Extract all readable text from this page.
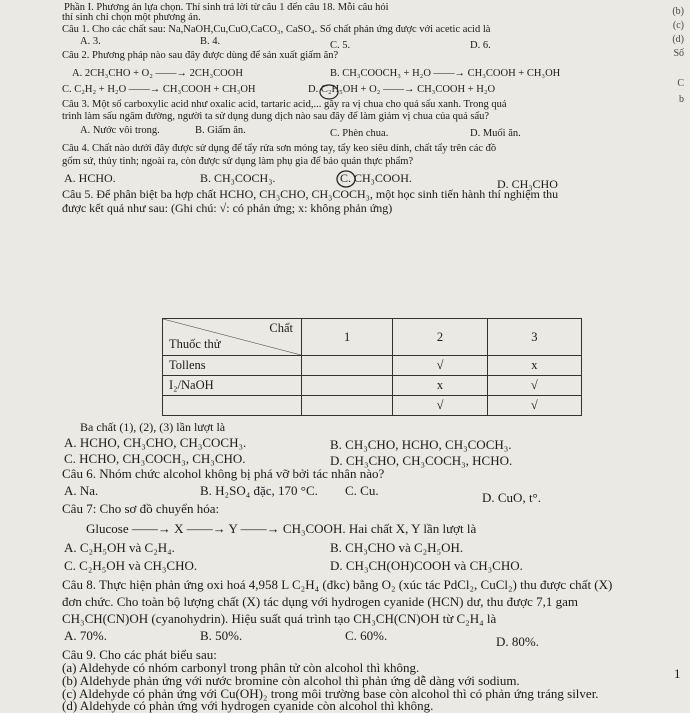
Phần I. Phương án lựa chọn. Thí sinh trả lời từ câu 1 đến câu 18. Mỗi câu hỏi
thí sinh chỉ chọn một phương án.
(b)
(c)
(d)
Số
C
b
Câu 1. Cho các chất sau: Na,NaOH,Cu,CuO,CaCO₃, CaSO₄. Số chất phản ứng được với acetic acid là
A. 3.	B. 4.	C. 5.	D. 6.
Câu 2. Phương pháp nào sau đây được dùng để sản xuất giấm ăn?
A. 2CH₃CHO + O₂ ——→ 2CH₃COOH	B. CH₃COOCH₃ + H₂O ——→ CH₃COOH + CH₃OH
C. C₂H₂ + H₂O ——→ CH₃COOH + CH₃OH	D. C₂H₅OH + O₂ ——→ CH₃COOH + H₂O
Câu 3. Một số carboxylic acid như oxalic acid, tartaric acid,... gây ra vị chua cho quả sấu xanh. Trong quá
trình làm sấu ngâm đường, người ta sử dụng dung dịch nào sau đây để làm giảm vị chua của quả sấu?
A. Nước vôi trong.	B. Giấm ăn.	C. Phèn chua.	D. Muối ăn.
Câu 4. Chất nào dưới đây được sử dụng để tẩy rửa sơn móng tay, tẩy keo siêu dính, chất tẩy trên các đồ
gốm sứ, thủy tinh; ngoài ra, còn được sử dụng làm phụ gia để bảo quản thực phẩm?
A. HCHO.	B. CH₃COCH₃.	C. CH₃COOH.	D. CH₃CHO
Câu 5. Để phân biệt ba hợp chất HCHO, CH₃CHO, CH₃COCH₃, một học sinh tiến hành thí nghiệm thu
được kết quả như sau: (Ghi chú: √: có phản ứng; x: không phản ứng)
Chất
Thuốc thử	1	2	3

Tollens		√	x
I₂/NaOH		x	√
		√	√
Ba chất (1), (2), (3) lần lượt là
A. HCHO, CH₃CHO, CH₃COCH₃.	B. CH₃CHO, HCHO, CH₃COCH₃.
C. HCHO, CH₃COCH₃, CH₃CHO.	D. CH₃CHO, CH₃COCH₃, HCHO.
Câu 6. Nhóm chức alcohol không bị phá vỡ bởi tác nhân nào?
A. Na.	B. H₂SO₄ đặc, 170 °C. C. Cu.	D. CuO, t°.
Câu 7: Cho sơ đồ chuyển hóa:
Glucose ——→ X ——→ Y ——→ CH₃COOH. Hai chất X, Y lần lượt là
A. C₂H₅OH và C₂H₄.	B. CH₃CHO và C₂H₅OH.
C. C₂H₅OH và CH₃CHO.	D. CH₃CH(OH)COOH và CH₃CHO.
Câu 8. Thực hiện phản ứng oxi hoá 4,958 L C₂H₄ (đkc) bằng O₂ (xúc tác PdCl₂, CuCl₂) thu được chất (X)
đơn chức. Cho toàn bộ lượng chất (X) tác dụng với hydrogen cyanide (HCN) dư, thu được 7,1 gam
CH₃CH(CN)OH (cyanohydrin). Hiệu suất quá trình tạo CH₃CH(CN)OH từ C₂H₄ là
A. 70%.	B. 50%.	C. 60%.	D. 80%.
Câu 9. Cho các phát biểu sau:
(a) Aldehyde có nhóm carbonyl trong phân tử còn alcohol thì không.
(b) Aldehyde phản ứng với nước bromine còn alcohol thì phản ứng dễ dàng với sodium.
(c) Aldehyde có phản ứng với Cu(OH)₂ trong môi trường base còn alcohol thì có phản ứng tráng silver.
(d) Aldehyde có phản ứng với hydrogen cyanide còn alcohol thì không.
1
